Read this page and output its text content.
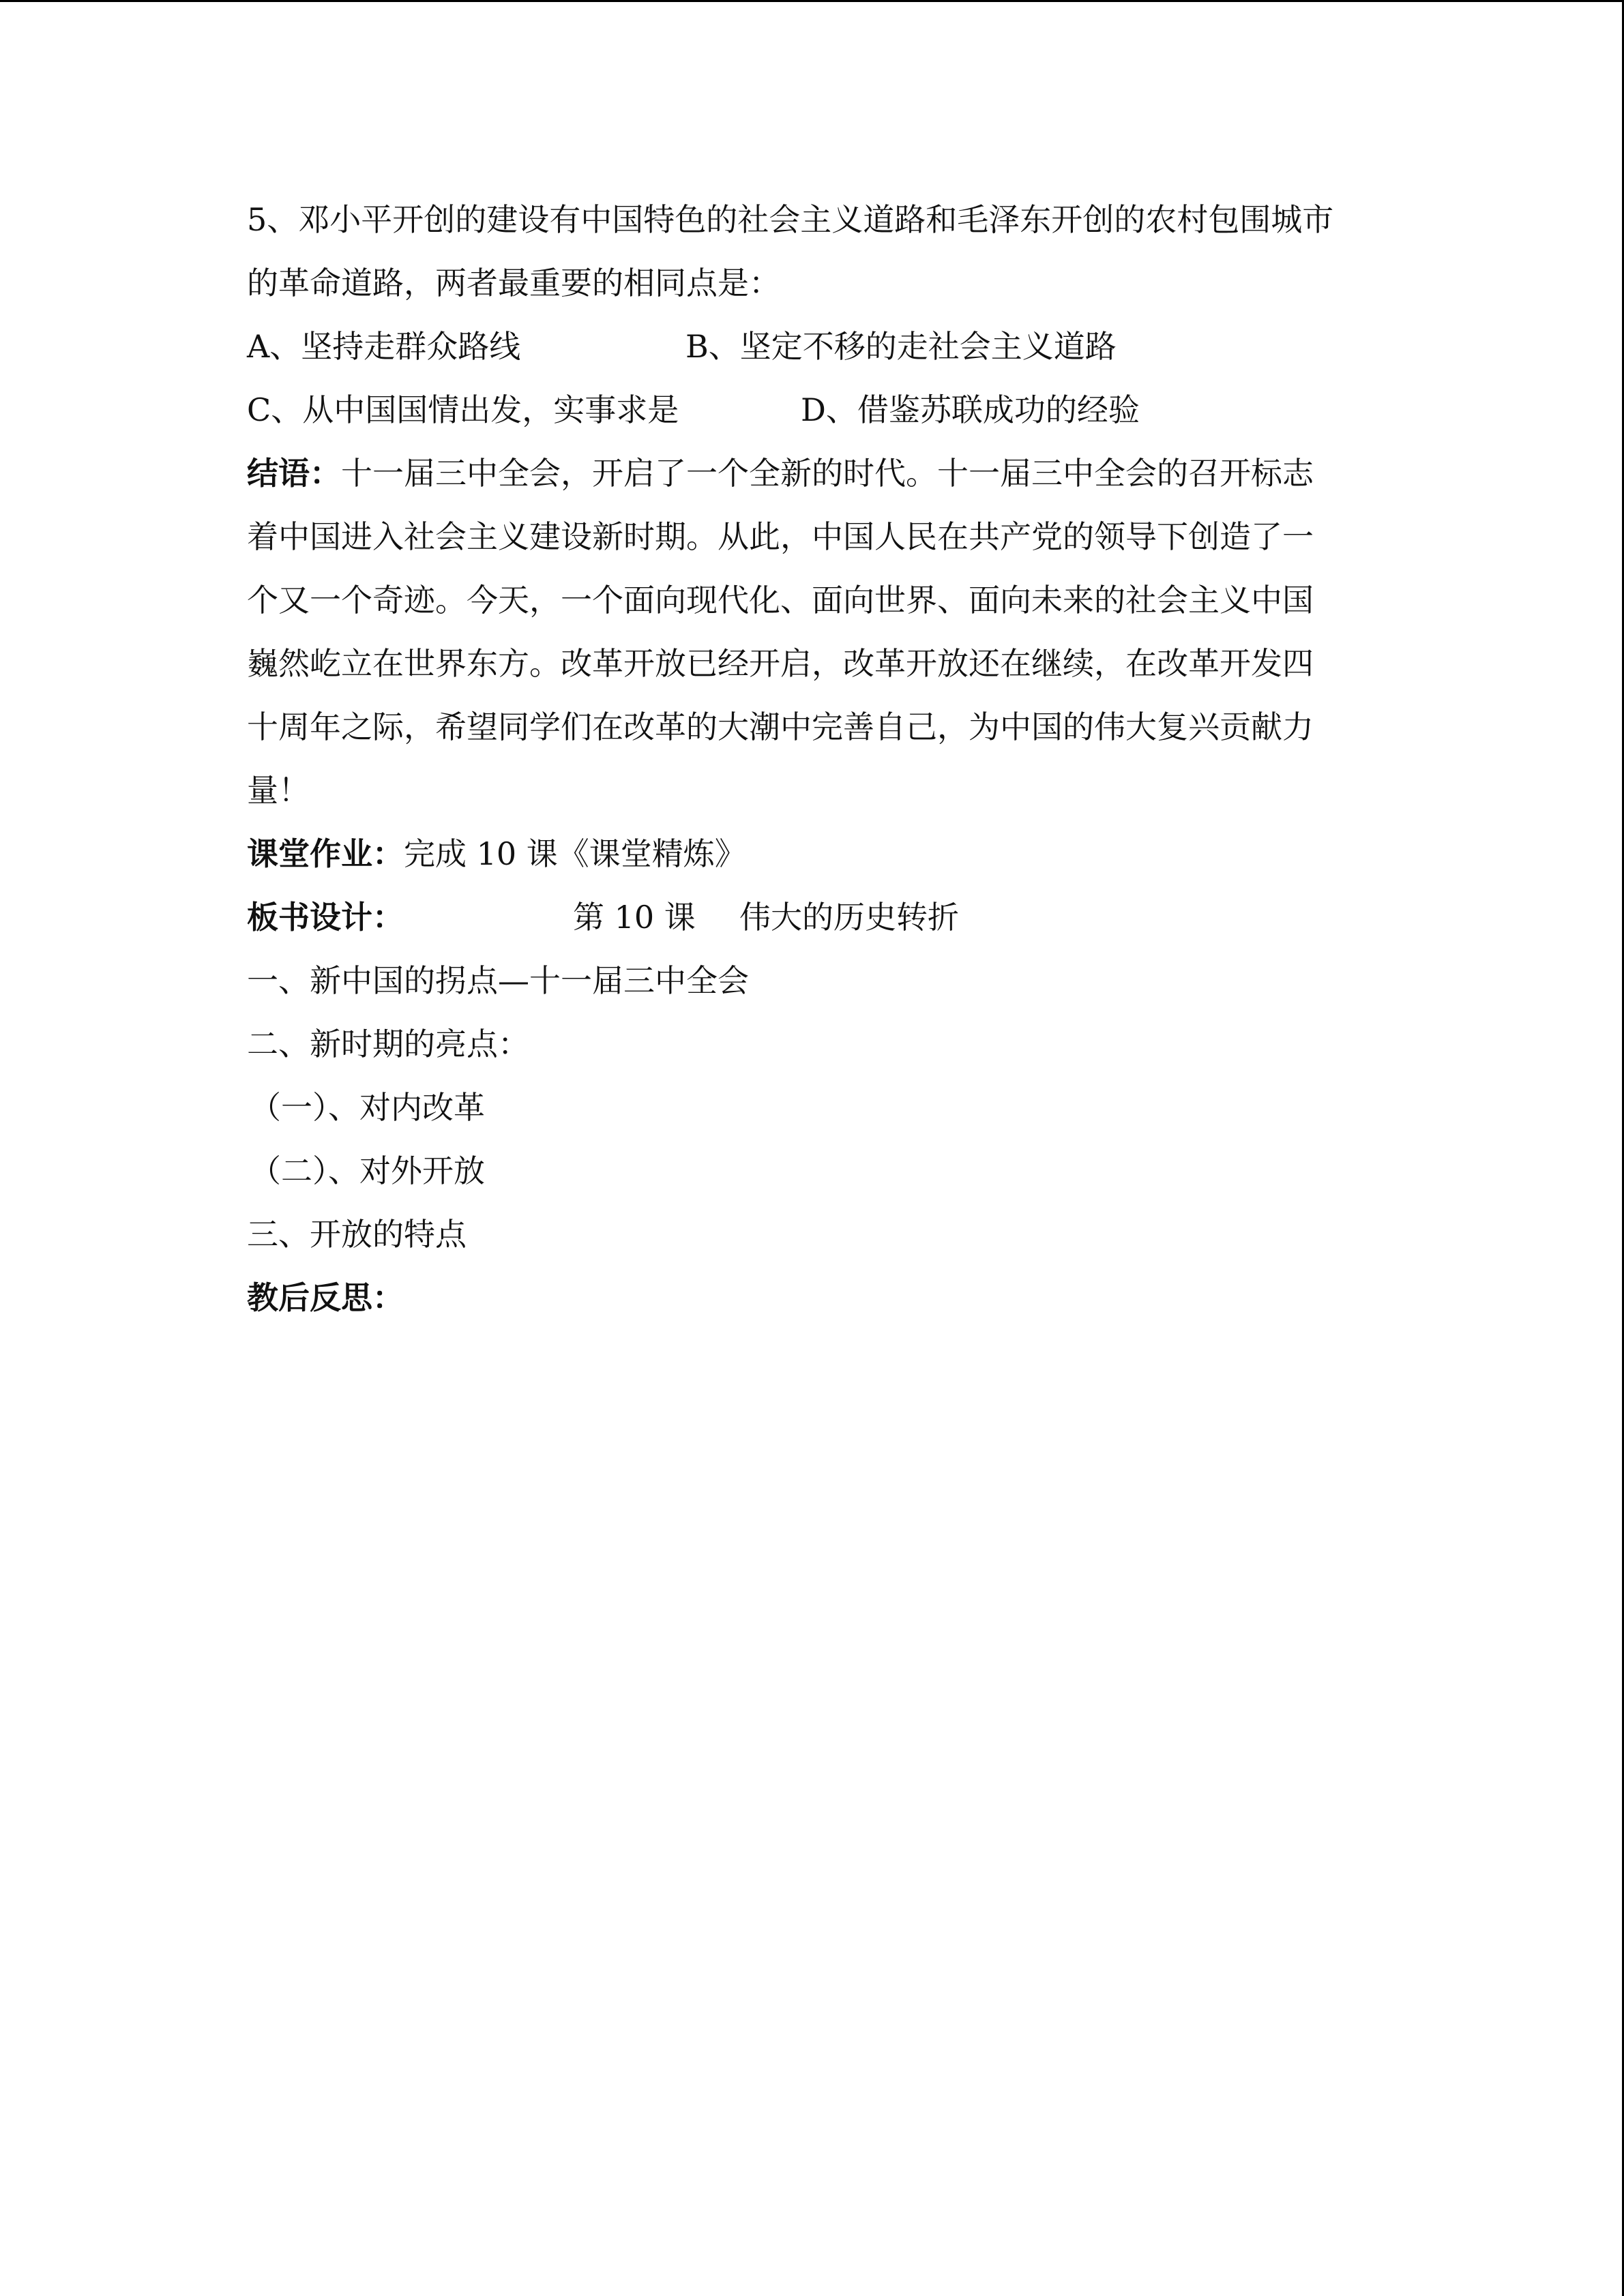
5、邓小平开创的建设有中国特色的社会主义道路和毛泽东开创的农村包围城市
的革命道路，两者最重要的相同点是：
A、坚持走群众路线	B、坚定不移的走社会主义道路
C、从中国国情出发，实事求是	D、借鉴苏联成功的经验
结语：十一届三中全会，开启了一个全新的时代。十一届三中全会的召开标志
着中国进入社会主义建设新时期。从此，中国人民在共产党的领导下创造了一
个又一个奇迹。今天，一个面向现代化、面向世界、面向未来的社会主义中国
巍然屹立在世界东方。改革开放已经开启，改革开放还在继续，在改革开发四
十周年之际，希望同学们在改革的大潮中完善自己，为中国的伟大复兴贡献力
量！
课堂作业：完成 10 课《课堂精炼》
板书设计：	第 10 课 伟大的历史转折
一、新中国的拐点—十一届三中全会
二、新时期的亮点：
（一）、对内改革
（二）、对外开放
三、开放的特点
教后反思：
